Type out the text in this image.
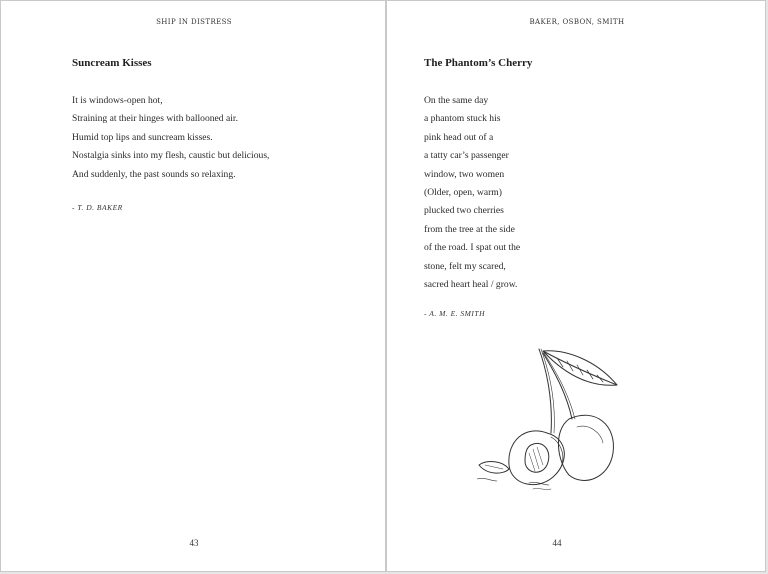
SHIP IN DISTRESS
Suncream Kisses
It is windows-open hot,
Straining at their hinges with ballooned air.
Humid top lips and suncream kisses.
Nostalgia sinks into my flesh, caustic but delicious,
And suddenly, the past sounds so relaxing.
- T. D. BAKER
43
BAKER, OSBON, SMITH
The Phantom’s Cherry
On the same day
a phantom stuck his
pink head out of a
a tatty car’s passenger
window, two women
(Older, open, warm)
plucked two cherries
from the tree at the side
of the road. I spat out the
stone, felt my scared,
sacred heart heal / grow.
- A. M. E. SMITH
44
